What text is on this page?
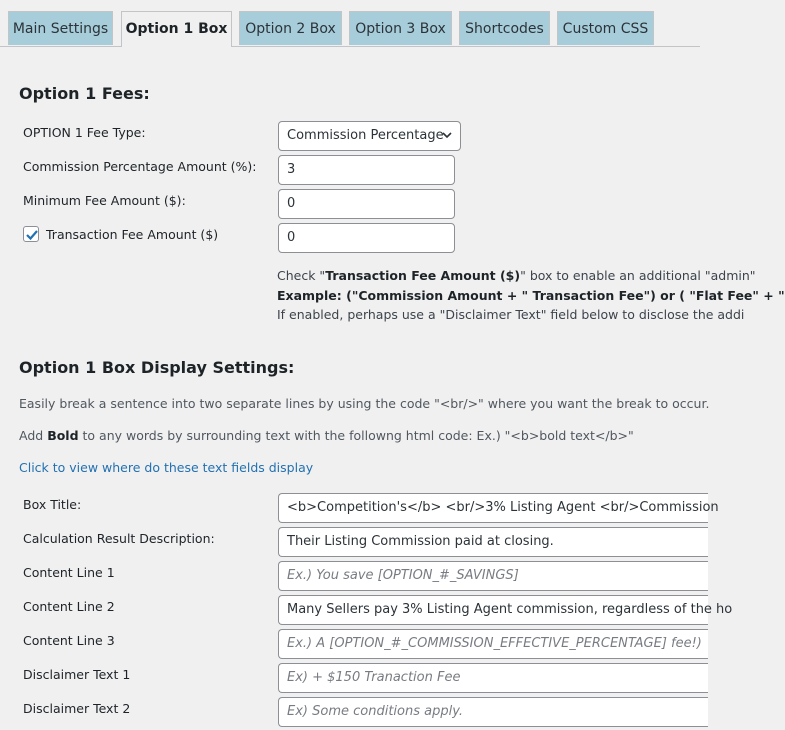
Main Settings	Option 1 Box	Option 2 Box	Option 3 Box	Shortcodes	Custom CSS
Option 1 Fees:
OPTION 1 Fee Type:	Commission Percentage
Commission Percentage Amount (%):	3
Minimum Fee Amount ($):	0
Transaction Fee Amount ($)	0
Check "Transaction Fee Amount ($)" box to enable an additional "admin"
Example: ("Commission Amount + " Transaction Fee") or ( "Flat Fee" + "
If enabled, perhaps use a "Disclaimer Text" field below to disclose the addi
Option 1 Box Display Settings:
Easily break a sentence into two separate lines by using the code "<br/>" where you want the break to occur.
Add Bold to any words by surrounding text with the followng html code: Ex.) "<b>bold text</b>"
Click to view where do these text fields display
Box Title:	<b>Competition's</b> <br/>3% Listing Agent <br/>Commission
Calculation Result Description:	Their Listing Commission paid at closing.
Content Line 1	Ex.) You save [OPTION_#_SAVINGS]
Content Line 2	Many Sellers pay 3% Listing Agent commission, regardless of the ho
Content Line 3	Ex.) A [OPTION_#_COMMISSION_EFFECTIVE_PERCENTAGE] fee!)
Disclaimer Text 1	Ex) + $150 Tranaction Fee
Disclaimer Text 2	Ex) Some conditions apply.
